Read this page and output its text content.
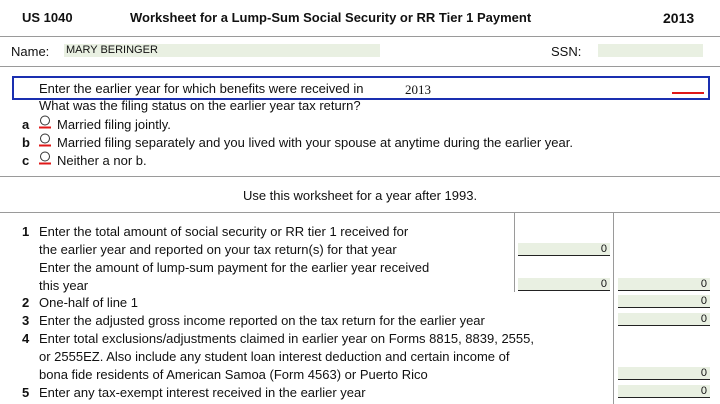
US 1040	Worksheet for a Lump-Sum Social Security or RR Tier 1 Payment	2013
Name: MARY BERINGER	SSN:
Enter the earlier year for which benefits were received in	2013
What was the filing status on the earlier year tax return?
a Married filing jointly.
b Married filing separately and you lived with your spouse at anytime during the earlier year.
c Neither a nor b.
Use this worksheet for a year after 1993.
1 Enter the total amount of social security or RR tier 1 received for
the earlier year and reported on your tax return(s) for that year	0
Enter the amount of lump-sum payment for the earlier year received
this year	0	0
2 One-half of line 1	0
3 Enter the adjusted gross income reported on the tax return for the earlier year	0
4 Enter total exclusions/adjustments claimed in earlier year on Forms 8815, 8839, 2555,
or 2555EZ. Also include any student loan interest deduction and certain income of
bona fide residents of American Samoa (Form 4563) or Puerto Rico	0
5 Enter any tax-exempt interest received in the earlier year	0
